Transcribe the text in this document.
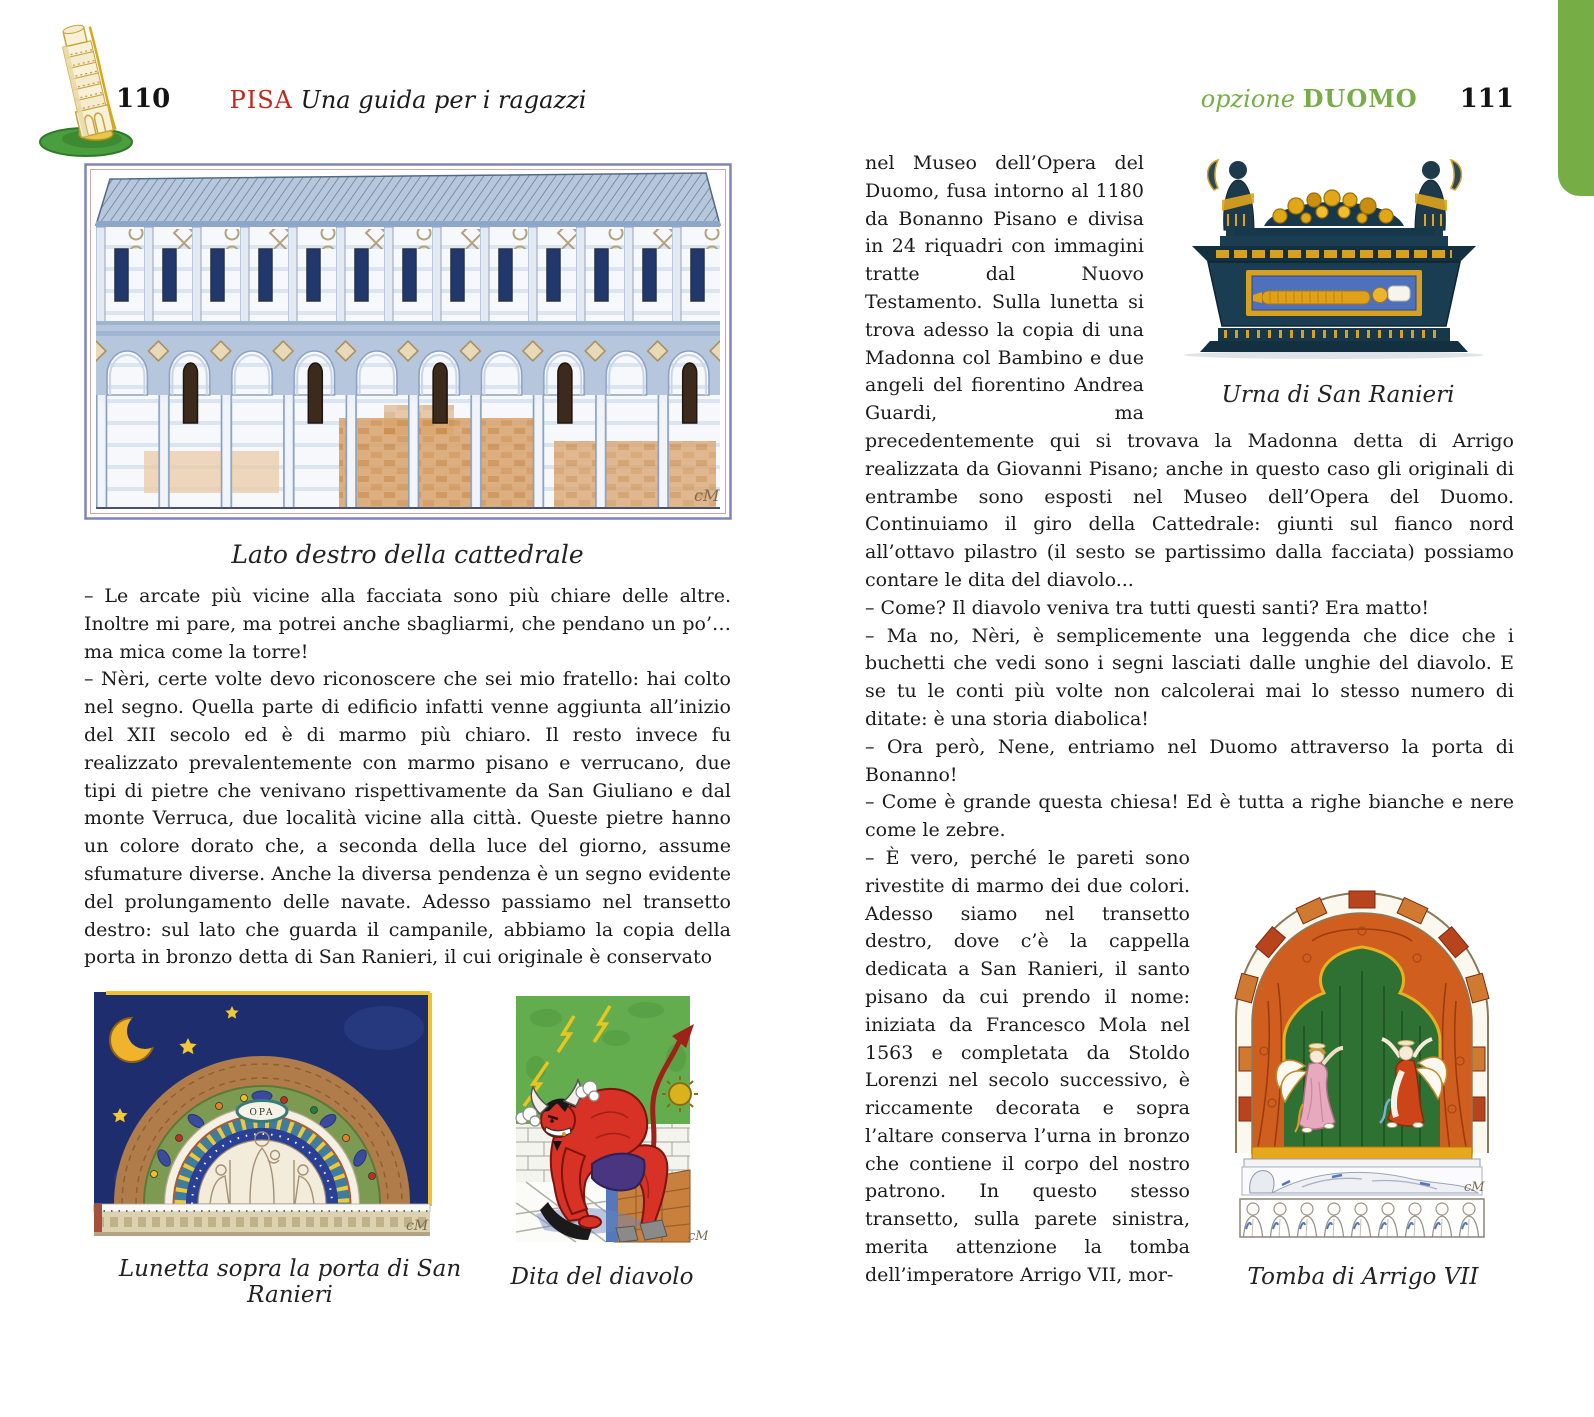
110	PISA Una guida per i ragazzi
cM
Lato destro della cattedrale

– Le arcate più vicine alla facciata sono più chiare delle altre. Inoltre mi pare, ma potrei anche sbagliarmi, che pendano un po’… ma mica come la torre!

– Nèri, certe volte devo riconoscere che sei mio fratello: hai colto nel segno. Quella parte di edificio infatti venne aggiunta all’inizio del XII secolo ed è di marmo più chiaro. Il resto invece fu realizzato prevalentemente con marmo pisano e verrucano, due tipi di pietre che venivano rispettivamente da San Giuliano e dal monte Verruca, due località vicine alla città. Queste pietre hanno un colore dorato che, a seconda della luce del giorno, assume sfumature diverse. Anche la diversa pendenza è un segno evidente del prolungamento delle navate. Adesso passiamo nel transetto destro: sul lato che guarda il campanile, abbiamo la copia della porta in bronzo detta di San Ranieri, il cui originale è conservato

OPA
cM
Lunetta sopra la porta di San Ranieri
cM
Dita del diavolo
opzione DUOMO 111
Urna di San Ranieri

nel Museo dell’Opera del Duomo, fusa intorno al 1180 da Bonanno Pisano e divisa in 24 riquadri con immagini tratte dal Nuovo Testamento. Sulla lunetta si trova adesso la copia di una Madonna col Bambino e due angeli del fiorentino Andrea Guardi, ma precedentemente qui si trovava la Madonna detta di Arrigo realizzata da Giovanni Pisano; anche in questo caso gli originali di entrambe sono esposti nel Museo dell’Opera del Duomo. Continuiamo il giro della Cattedrale: giunti sul fianco nord all’ottavo pilastro (il sesto se partissimo dalla facciata) possiamo contare le dita del diavolo...

– Come? Il diavolo veniva tra tutti questi santi? Era matto!

– Ma no, Nèri, è semplicemente una leggenda che dice che i buchetti che vedi sono i segni lasciati dalle unghie del diavolo. E se tu le conti più volte non calcolerai mai lo stesso numero di ditate: è una storia diabolica!

– Ora però, Nene, entriamo nel Duomo attraverso la porta di Bonanno!

– Come è grande questa chiesa! Ed è tutta a righe bianche e nere come le zebre.

cM
Tomba di Arrigo VII

– È vero, perché le pareti sono rivestite di marmo dei due colori. Adesso siamo nel transetto destro, dove c’è la cappella dedicata a San Ranieri, il santo pisano da cui prendo il nome: iniziata da Francesco Mola nel 1563 e completata da Stoldo Lorenzi nel secolo successivo, è riccamente decorata e sopra l’altare conserva l’urna in bronzo che contiene il corpo del nostro patrono. In questo stesso transetto, sulla parete sinistra, merita attenzione la tomba dell’imperatore Arrigo VII, mor-
